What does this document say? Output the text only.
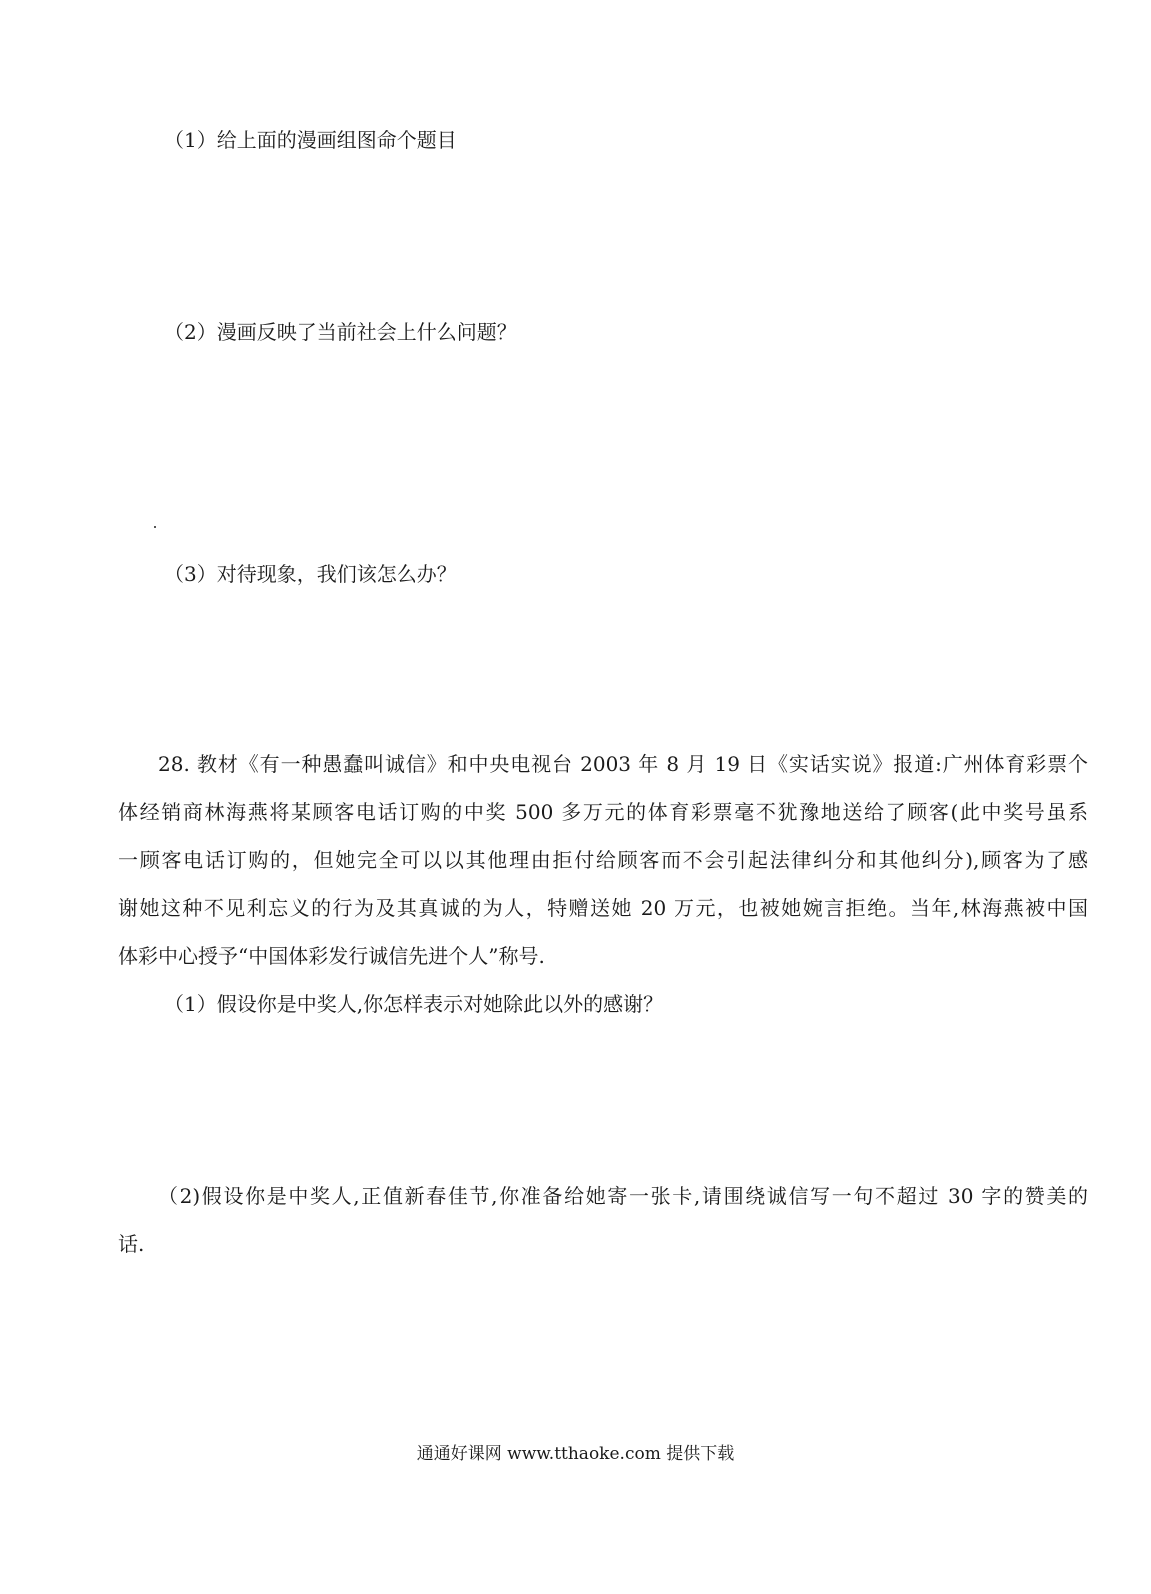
（1）给上面的漫画组图命个题目

（2）漫画反映了当前社会上什么问题？

（3）对待现象，我们该怎么办？

28. 教材《有一种愚蠢叫诚信》和中央电视台 2003 年 8 月 19 日《实话实说》报道:广州体育彩票个

体经销商林海燕将某顾客电话订购的中奖 500 多万元的体育彩票毫不犹豫地送给了顾客(此中奖号虽系

一顾客电话订购的，但她完全可以以其他理由拒付给顾客而不会引起法律纠分和其他纠分),顾客为了感

谢她这种不见利忘义的行为及其真诚的为人，特赠送她 20 万元，也被她婉言拒绝。当年,林海燕被中国

体彩中心授予“中国体彩发行诚信先进个人”称号.

（1）假设你是中奖人,你怎样表示对她除此以外的感谢？

（2)假设你是中奖人,正值新春佳节,你准备给她寄一张卡,请围绕诚信写一句不超过 30 字的赞美的

话.

通通好课网 www.tthaoke.com 提供下载
